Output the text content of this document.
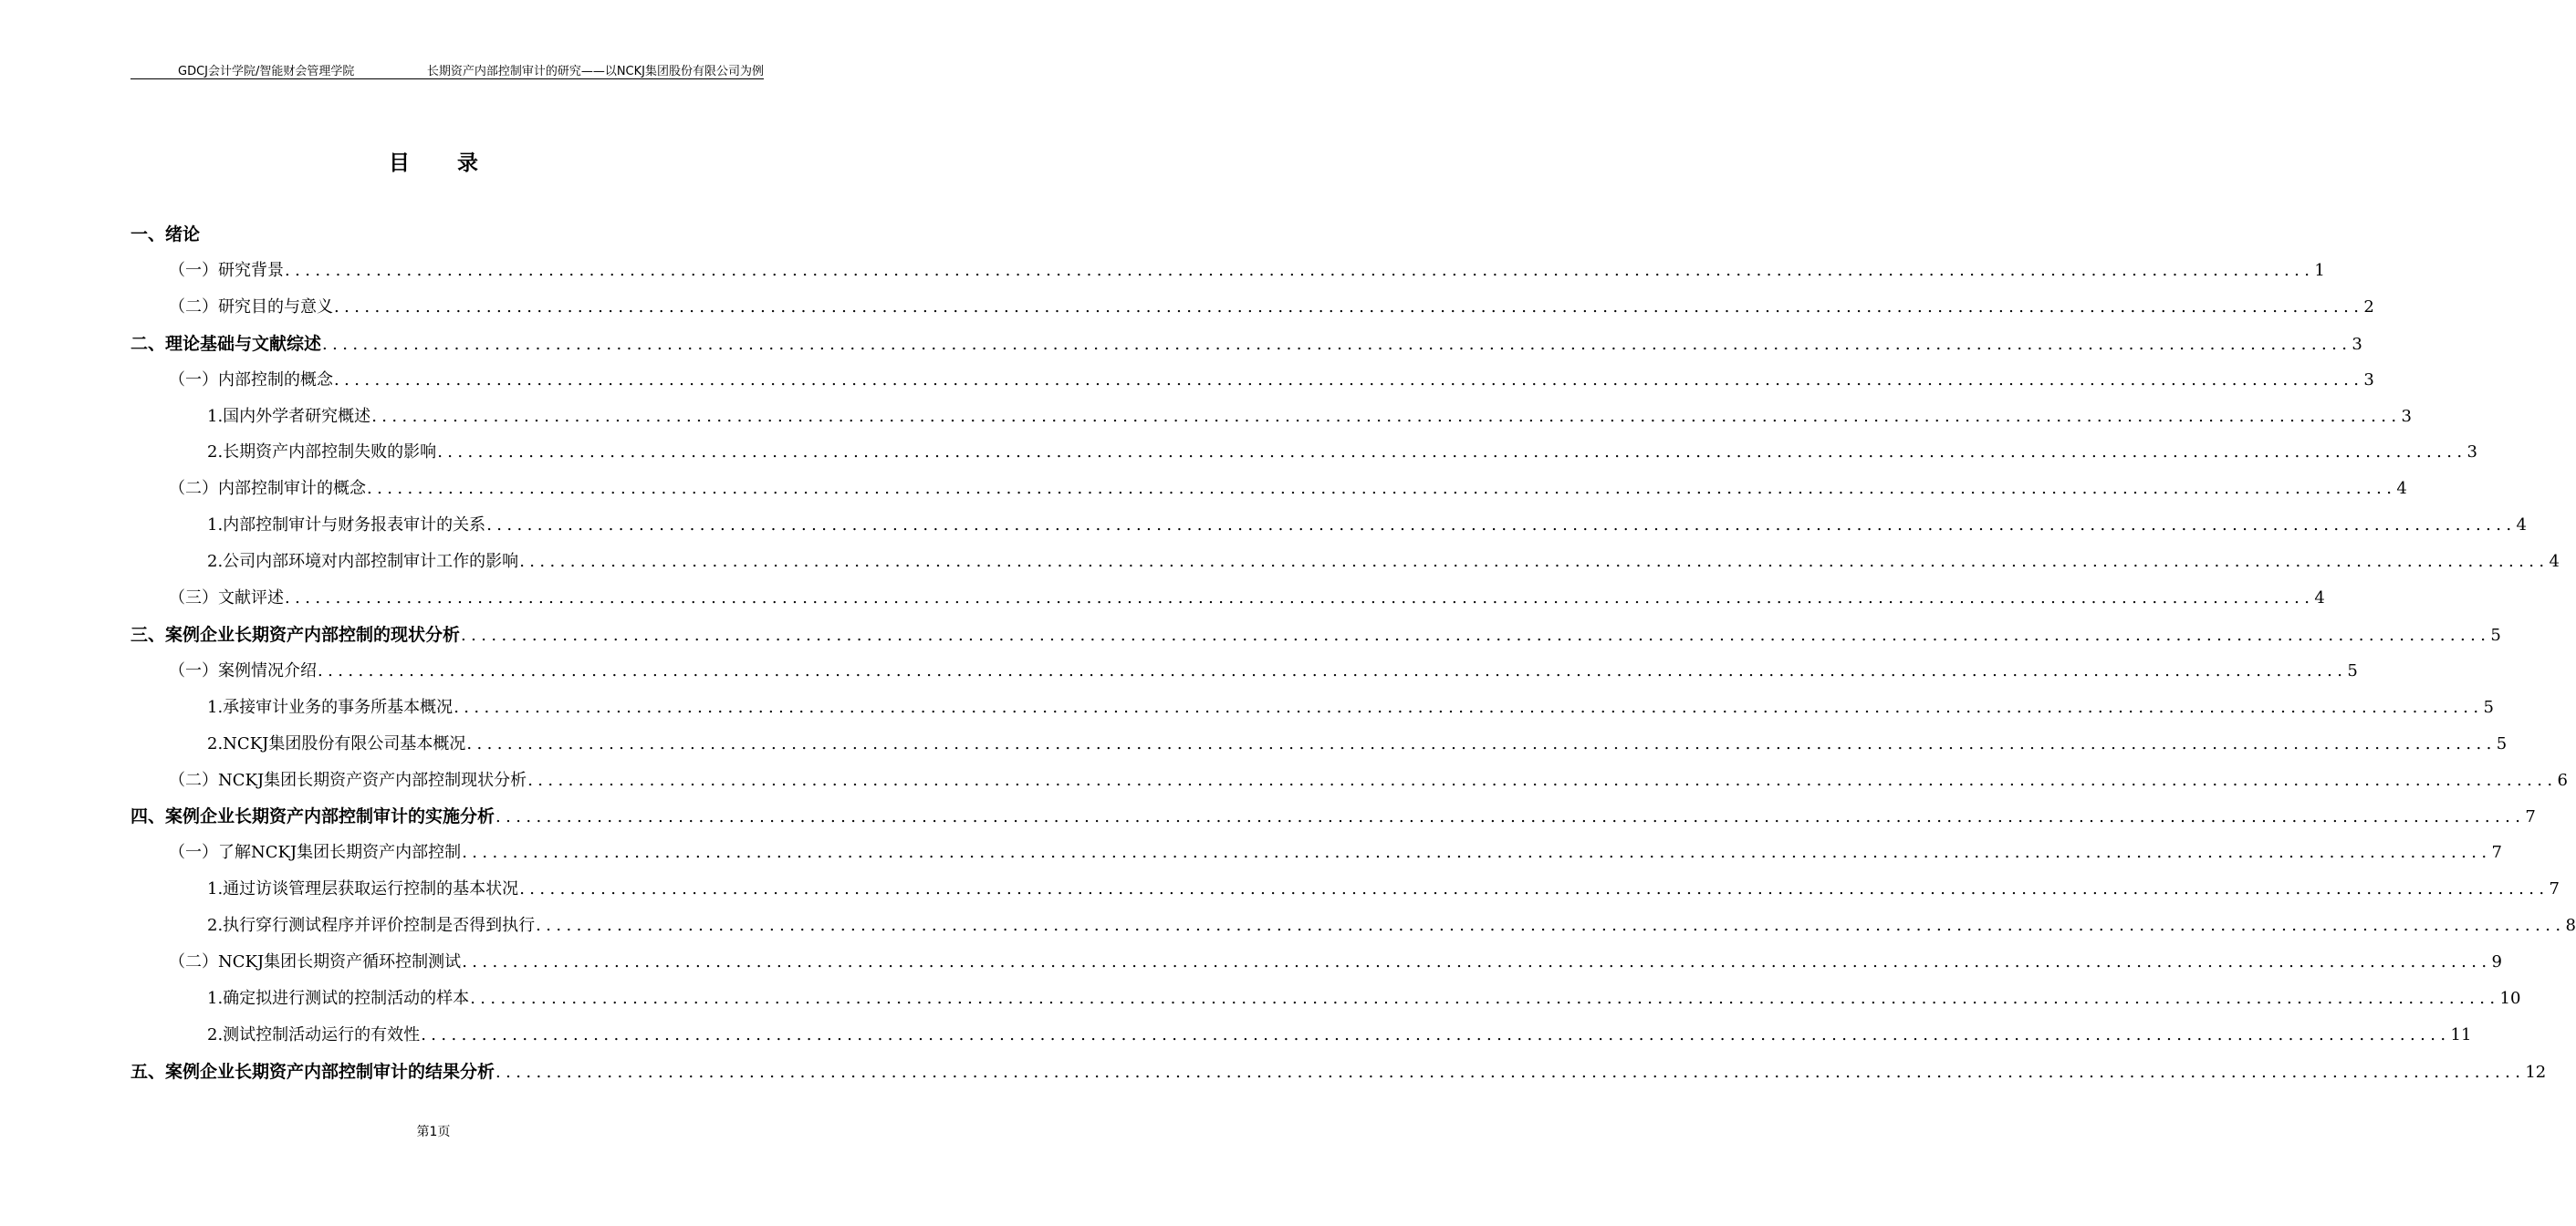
GDCJ会计学院/智能财会管理学院	长期资产内部控制审计的研究——以NCKJ集团股份有限公司为例
目 录
一、绪论
（一）研究背景 ........................................................................................................................................................................................................ 1
（二）研究目的与意义 ........................................................................................................................................................................................................ 2
二、理论基础与文献综述 ........................................................................................................................................................................................................ 3
（一）内部控制的概念 ........................................................................................................................................................................................................ 3
1.国内外学者研究概述 ........................................................................................................................................................................................................ 3
2.长期资产内部控制失败的影响 ........................................................................................................................................................................................................ 3
（二）内部控制审计的概念 ........................................................................................................................................................................................................ 4
1.内部控制审计与财务报表审计的关系 ........................................................................................................................................................................................................ 4
2.公司内部环境对内部控制审计工作的影响 ........................................................................................................................................................................................................ 4
（三）文献评述 ........................................................................................................................................................................................................ 4
三、案例企业长期资产内部控制的现状分析 ........................................................................................................................................................................................................ 5
（一）案例情况介绍 ........................................................................................................................................................................................................ 5
1.承接审计业务的事务所基本概况 ........................................................................................................................................................................................................ 5
2.NCKJ集团股份有限公司基本概况 ........................................................................................................................................................................................................ 5
（二）NCKJ集团长期资产资产内部控制现状分析 ........................................................................................................................................................................................................ 6
四、案例企业长期资产内部控制审计的实施分析 ........................................................................................................................................................................................................ 7
（一）了解NCKJ集团长期资产内部控制 ........................................................................................................................................................................................................ 7
1.通过访谈管理层获取运行控制的基本状况 ........................................................................................................................................................................................................ 7
2.执行穿行测试程序并评价控制是否得到执行 ........................................................................................................................................................................................................ 8
（二）NCKJ集团长期资产循环控制测试 ........................................................................................................................................................................................................ 9
1.确定拟进行测试的控制活动的样本 ........................................................................................................................................................................................................ 10
2.测试控制活动运行的有效性 ........................................................................................................................................................................................................ 11
五、案例企业长期资产内部控制审计的结果分析 ........................................................................................................................................................................................................ 12
第1页
